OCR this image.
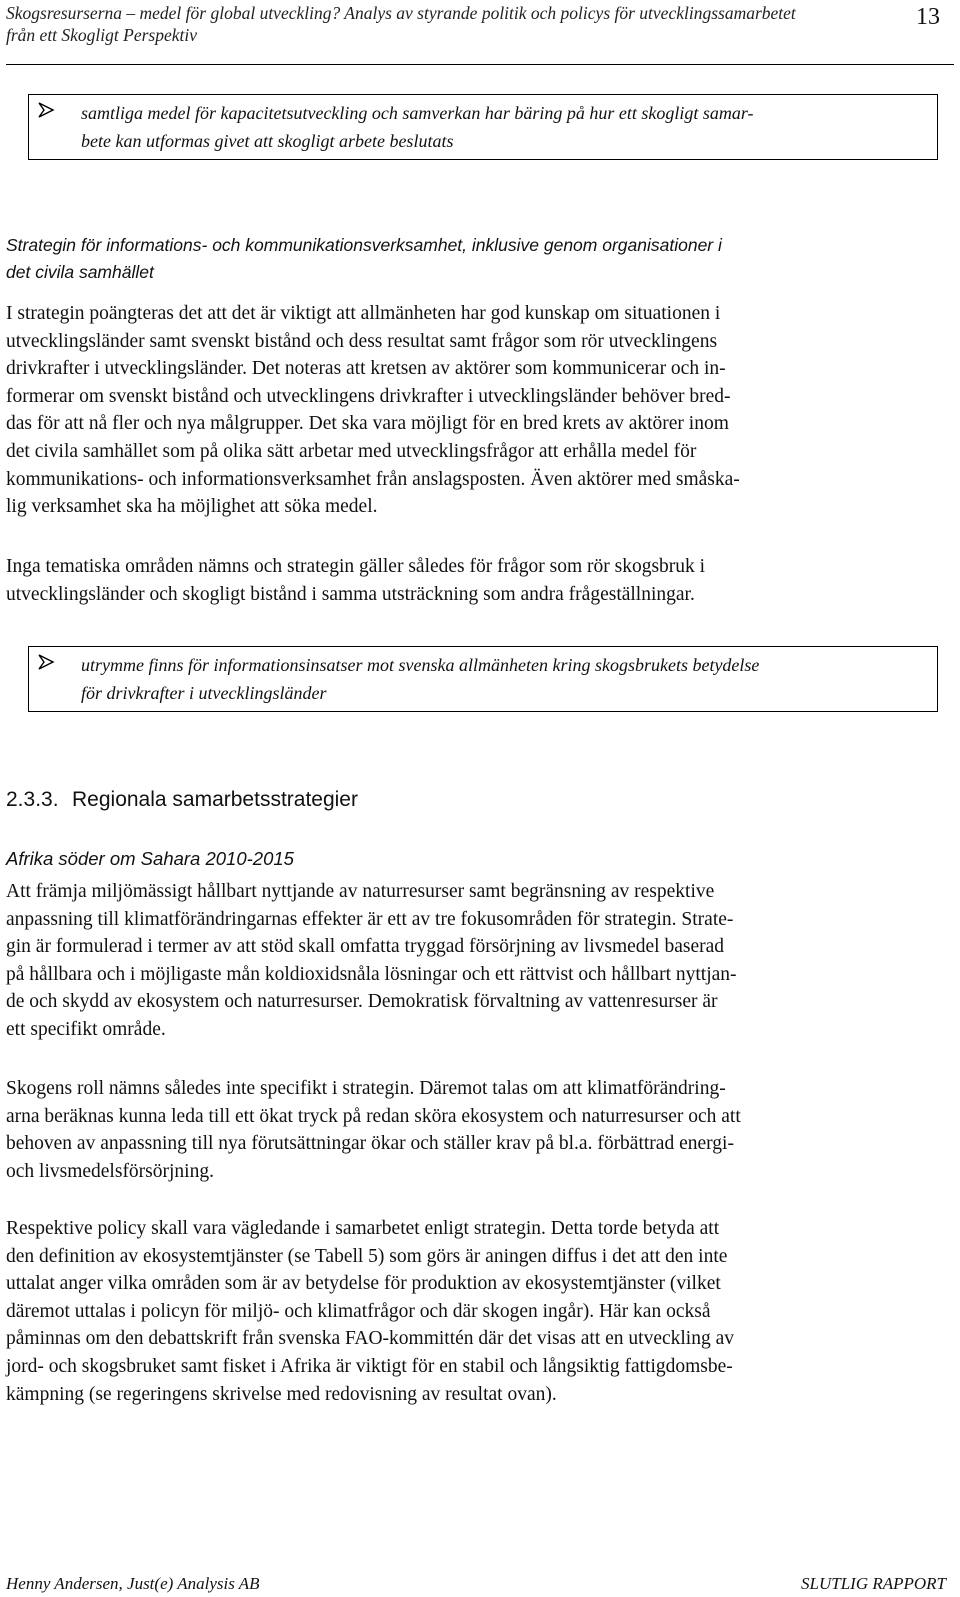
Skogsresurserna – medel för global utveckling? Analys av styrande politik och policys för utvecklingssamarbetet
från ett Skogligt Perspektiv
13
samtliga medel för kapacitetsutveckling och samverkan har bäring på hur ett skogligt samar-
bete kan utformas givet att skogligt arbete beslutats
Strategin för informations- och kommunikationsverksamhet, inklusive genom organisationer i
det civila samhället
I strategin poängteras det att det är viktigt att allmänheten har god kunskap om situationen i
utvecklingsländer samt svenskt bistånd och dess resultat samt frågor som rör utvecklingens
drivkrafter i utvecklingsländer. Det noteras att kretsen av aktörer som kommunicerar och in-
formerar om svenskt bistånd och utvecklingens drivkrafter i utvecklingsländer behöver bred-
das för att nå fler och nya målgrupper. Det ska vara möjligt för en bred krets av aktörer inom
det civila samhället som på olika sätt arbetar med utvecklingsfrågor att erhålla medel för
kommunikations- och informationsverksamhet från anslagsposten. Även aktörer med småska-
lig verksamhet ska ha möjlighet att söka medel.
Inga tematiska områden nämns och strategin gäller således för frågor som rör skogsbruk i
utvecklingsländer och skogligt bistånd i samma utsträckning som andra frågeställningar.
utrymme finns för informationsinsatser mot svenska allmänheten kring skogsbrukets betydelse
för drivkrafter i utvecklingsländer
2.3.3. Regionala samarbetsstrategier
Afrika söder om Sahara 2010-2015
Att främja miljömässigt hållbart nyttjande av naturresurser samt begränsning av respektive
anpassning till klimatförändringarnas effekter är ett av tre fokusområden för strategin. Strate-
gin är formulerad i termer av att stöd skall omfatta tryggad försörjning av livsmedel baserad
på hållbara och i möjligaste mån koldioxidsnåla lösningar och ett rättvist och hållbart nyttjan-
de och skydd av ekosystem och naturresurser. Demokratisk förvaltning av vattenresurser är
ett specifikt område.
Skogens roll nämns således inte specifikt i strategin. Däremot talas om att klimatförändring-
arna beräknas kunna leda till ett ökat tryck på redan sköra ekosystem och naturresurser och att
behoven av anpassning till nya förutsättningar ökar och ställer krav på bl.a. förbättrad energi-
och livsmedelsförsörjning.
Respektive policy skall vara vägledande i samarbetet enligt strategin. Detta torde betyda att
den definition av ekosystemtjänster (se Tabell 5) som görs är aningen diffus i det att den inte
uttalat anger vilka områden som är av betydelse för produktion av ekosystemtjänster (vilket
däremot uttalas i policyn för miljö- och klimatfrågor och där skogen ingår). Här kan också
påminnas om den debattskrift från svenska FAO-kommittén där det visas att en utveckling av
jord- och skogsbruket samt fisket i Afrika är viktigt för en stabil och långsiktig fattigdomsbe-
kämpning (se regeringens skrivelse med redovisning av resultat ovan).
Henny Andersen, Just(e) Analysis AB	SLUTLIG RAPPORT
